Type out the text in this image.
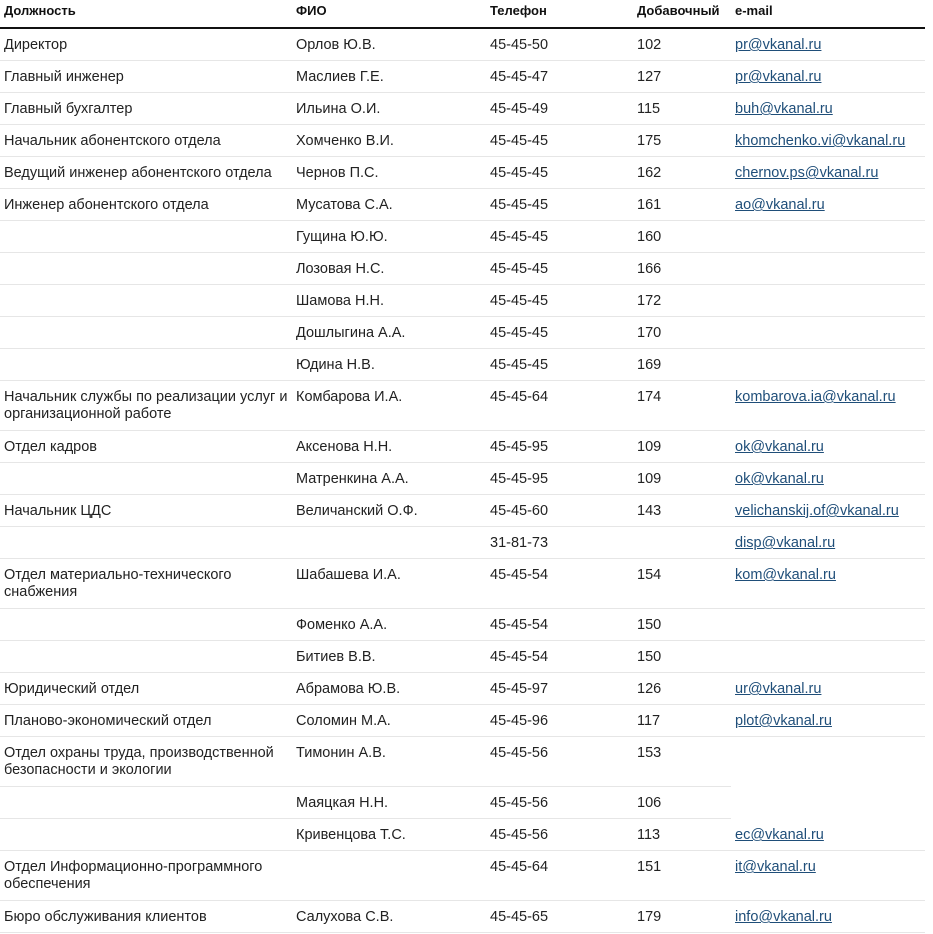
Должность	ФИО	Телефон	Добавочный	e-mail
Директор	Орлов Ю.В.	45-45-50	102	pr@vkanal.ru
Главный инженер	Маслиев Г.Е.	45-45-47	127	pr@vkanal.ru
Главный бухгалтер	Ильина О.И.	45-45-49	115	buh@vkanal.ru
Начальник абонентского отдела	Хомченко В.И.	45-45-45	175	khomchenko.vi@vkanal.ru
Ведущий инженер абонентского отдела	Чернов П.С.	45-45-45	162	chernov.ps@vkanal.ru
Инженер абонентского отдела	Мусатова С.А.	45-45-45	161	ao@vkanal.ru
	Гущина Ю.Ю.	45-45-45	160	
	Лозовая Н.С.	45-45-45	166	
	Шамова Н.Н.	45-45-45	172	
	Дошлыгина А.А.	45-45-45	170	
	Юдина Н.В.	45-45-45	169	
Начальник службы по реализации услуг и организационной работе	Комбарова И.А.	45-45-64	174	kombarova.ia@vkanal.ru
Отдел кадров	Аксенова Н.Н.	45-45-95	109	ok@vkanal.ru
	Матренкина А.А.	45-45-95	109	ok@vkanal.ru
Начальник ЦДС	Величанский О.Ф.	45-45-60	143	velichanskij.of@vkanal.ru
		31-81-73		disp@vkanal.ru
Отдел материально-технического снабжения	Шабашева И.А.	45-45-54	154	kom@vkanal.ru
	Фоменко А.А.	45-45-54	150	
	Битиев В.В.	45-45-54	150	
Юридический отдел	Абрамова Ю.В.	45-45-97	126	ur@vkanal.ru
Планово-экономический отдел	Соломин М.А.	45-45-96	117	plot@vkanal.ru
Отдел охраны труда, производственной безопасности и экологии	Тимонин А.В.	45-45-56	153	
	Маяцкая Н.Н.	45-45-56	106	
	Кривенцова Т.С.	45-45-56	113	ec@vkanal.ru
Отдел Информационно-программного обеспечения		45-45-64	151	it@vkanal.ru
Бюро обслуживания клиентов	Салухова С.В.	45-45-65	179	info@vkanal.ru
